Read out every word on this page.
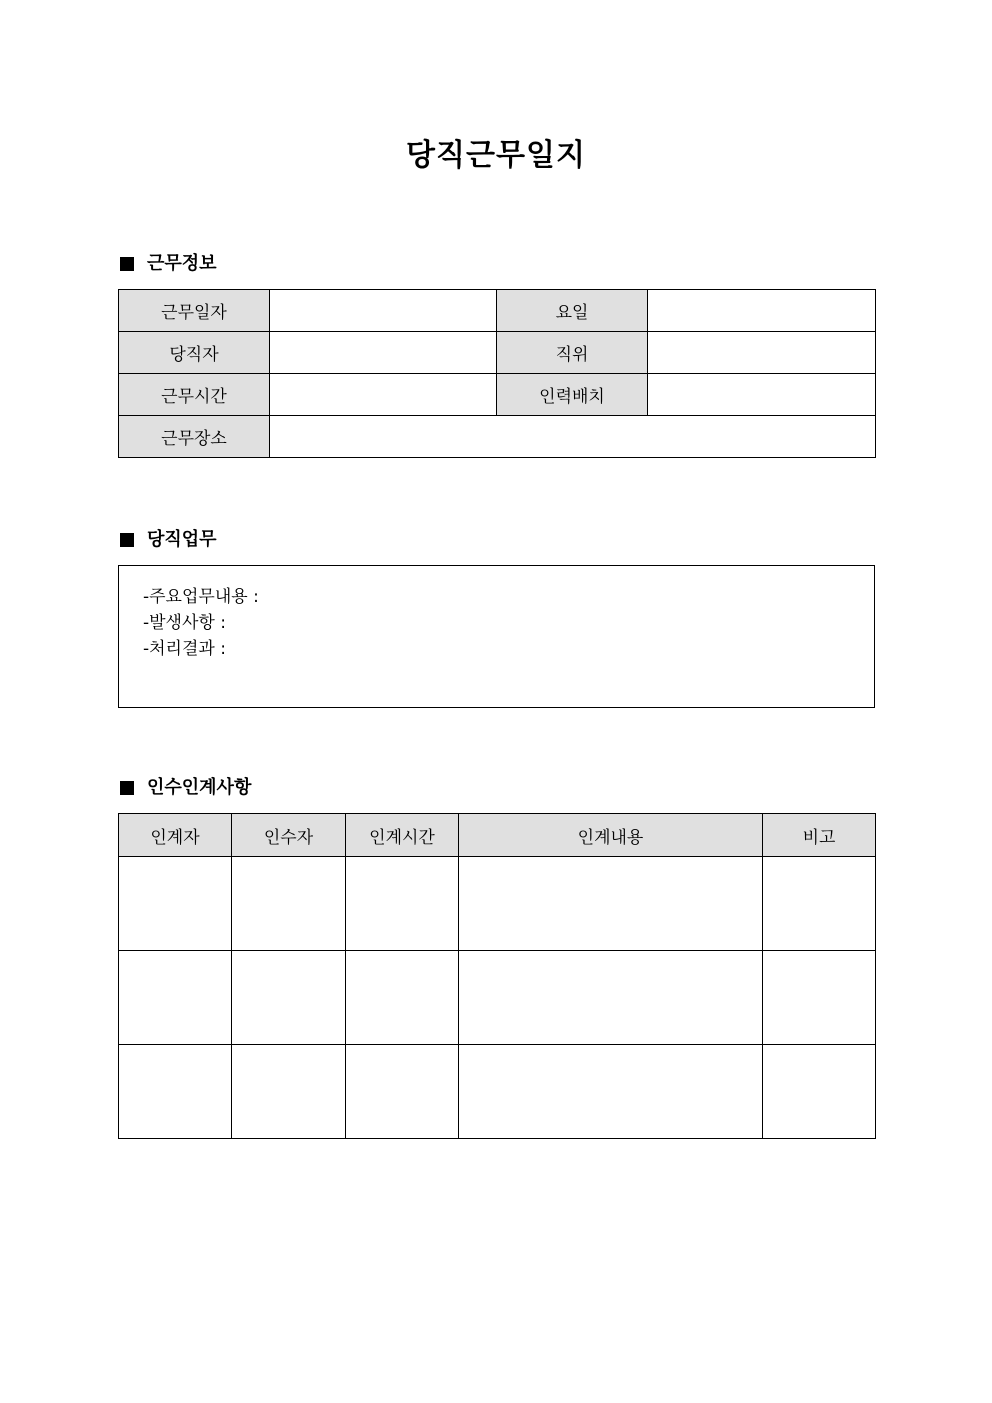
당직근무일지
근무정보
근무일자		요일	
당직자		직위	
근무시간		인력배치	
근무장소			
당직업무
-주요업무내용 :
-발생사항 :
-처리결과 :
인수인계사항
인계자	인수자	인계시간	인계내용	비고
